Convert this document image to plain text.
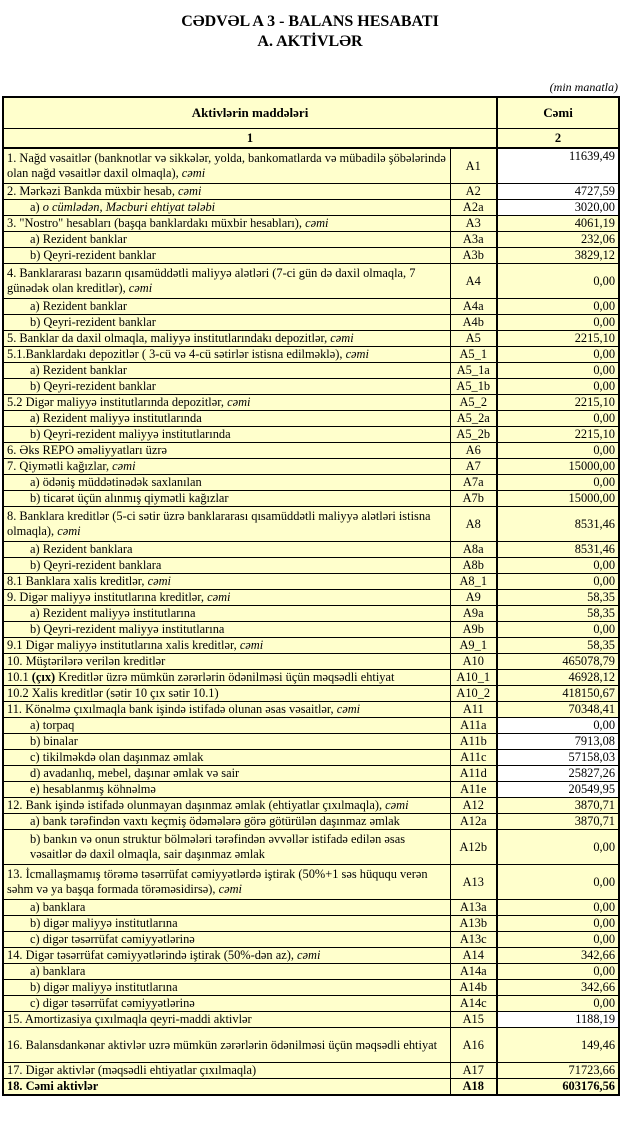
CƏDVƏL A 3 - BALANS HESABATI
A. AKTİVLƏR
(min manatla)
Aktivlərin maddələri		Cəmi
1		2
1. Nağd vəsaitlər (banknotlar və sikkələr, yolda, bankomatlarda və mübadilə şöbələrində olan nağd vəsaitlər daxil olmaqla), cəmi	A1	11639,49
2. Mərkəzi Bankda müxbir hesab, cəmi	A2	4727,59
a) o cümlədən, Məcburi ehtiyat tələbi	A2a	3020,00
3. "Nostro" hesabları (başqa banklardakı müxbir hesabları), cəmi	A3	4061,19
a) Rezident banklar	A3a	232,06
b) Qeyri-rezident banklar	A3b	3829,12
4. Banklararası bazarın qısamüddətli maliyyə alətləri (7-ci gün də daxil olmaqla, 7 günədək olan kreditlər), cəmi	A4	0,00
a) Rezident banklar	A4a	0,00
b) Qeyri-rezident banklar	A4b	0,00
5. Banklar da daxil olmaqla, maliyyə institutlarındakı depozitlər, cəmi	A5	2215,10
5.1.Banklardakı depozitlər ( 3-cü və 4-cü sətirlər istisna edilməklə), cəmi	A5_1	0,00
a) Rezident banklar	A5_1a	0,00
b) Qeyri-rezident banklar	A5_1b	0,00
5.2 Digər maliyyə institutlarında depozitlər, cəmi	A5_2	2215,10
a) Rezident maliyyə institutlarında	A5_2a	0,00
b) Qeyri-rezident maliyyə institutlarında	A5_2b	2215,10
6. Əks REPO əməliyyatları üzrə	A6	0,00
7. Qiymətli kağızlar, cəmi	A7	15000,00
a) ödəniş müddətinədək saxlanılan	A7a	0,00
b) ticarət üçün alınmış qiymətli kağızlar	A7b	15000,00
8. Banklara kreditlər (5-ci sətir üzrə banklararası qısamüddətli maliyyə alətləri istisna olmaqla), cəmi	A8	8531,46
a) Rezident banklara	A8a	8531,46
b) Qeyri-rezident banklara	A8b	0,00
8.1 Banklara xalis kreditlər, cəmi	A8_1	0,00
9. Digər maliyyə institutlarına kreditlər, cəmi	A9	58,35
a) Rezident maliyyə institutlarına	A9a	58,35
b) Qeyri-rezident maliyyə institutlarına	A9b	0,00
9.1 Digər maliyyə institutlarına xalis kreditlər, cəmi	A9_1	58,35
10. Müştərilərə verilən kreditlər	A10	465078,79
10.1 (çıx) Kreditlər üzrə mümkün zərərlərin ödənilməsi üçün məqsədli ehtiyat	A10_1	46928,12
10.2 Xalis kreditlər (sətir 10 çıx sətir 10.1)	A10_2	418150,67
11. Könəlmə çıxılmaqla bank işində istifadə olunan əsas vəsaitlər, cəmi	A11	70348,41
a) torpaq	A11a	0,00
b) binalar	A11b	7913,08
c) tikilməkdə olan daşınmaz əmlak	A11c	57158,03
d) avadanlıq, mebel, daşınar əmlak və sair	A11d	25827,26
e) hesablanmış köhnəlmə	A11e	20549,95
12. Bank işində istifadə olunmayan daşınmaz əmlak (ehtiyatlar çıxılmaqla), cəmi	A12	3870,71
a) bank tərəfindən vaxtı keçmiş ödəmələrə görə götürülən daşınmaz əmlak	A12a	3870,71
b) bankın və onun struktur bölmələri tərəfindən əvvəllər istifadə edilən əsas vəsaitlər də daxil olmaqla, sair daşınmaz əmlak	A12b	0,00
13. İcmallaşmamış törəmə təsərrüfat cəmiyyətlərdə iştirak (50%+1 səs hüququ verən səhm və ya başqa formada törəməsidirsə), cəmi	A13	0,00
a) banklara	A13a	0,00
b) digər maliyyə institutlarına	A13b	0,00
c) digər təsərrüfat cəmiyyətlərinə	A13c	0,00
14. Digər təsərrüfat cəmiyyətlərində iştirak (50%-dən az), cəmi	A14	342,66
a) banklara	A14a	0,00
b) digər maliyyə institutlarına	A14b	342,66
c) digər təsərrüfat cəmiyyətlərinə	A14c	0,00
15. Amortizasiya çıxılmaqla qeyri-maddi aktivlər	A15	1188,19
16. Balansdankənar aktivlər uzrə mümkün zərərlərin ödənilməsi üçün məqsədli ehtiyat	A16	149,46
17. Digər aktivlər (məqsədli ehtiyatlar çıxılmaqla)	A17	71723,66
18. Cəmi aktivlər	A18	603176,56
